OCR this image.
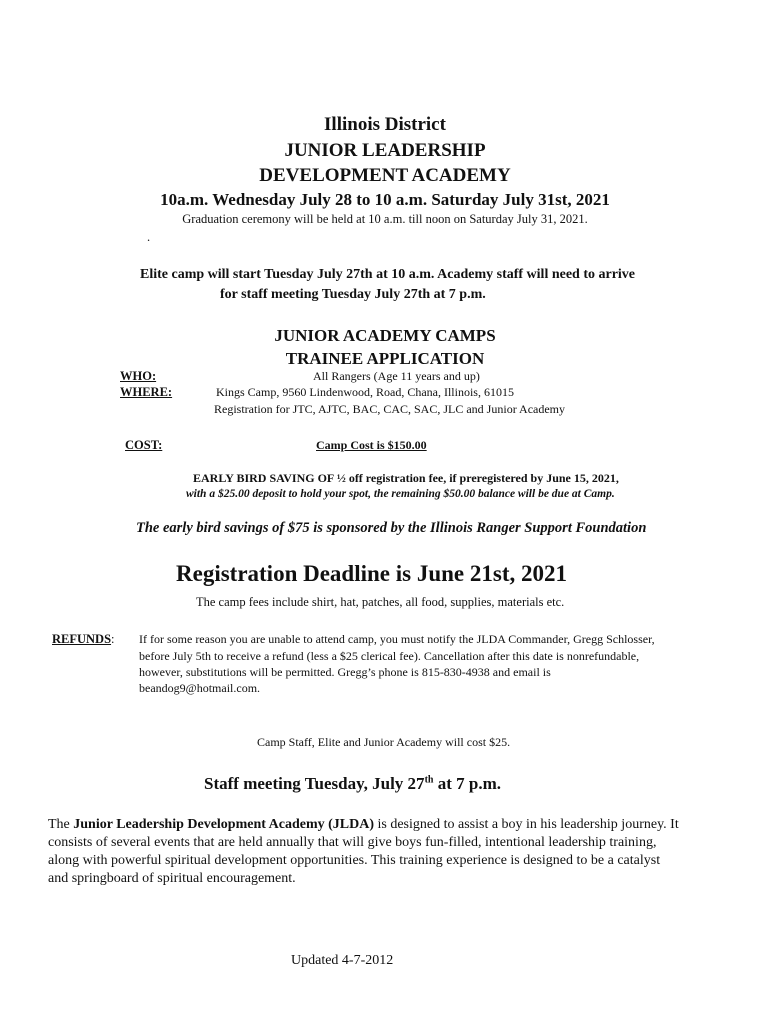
Illinois District
JUNIOR LEADERSHIP
DEVELOPMENT ACADEMY
10a.m. Wednesday July 28 to 10 a.m. Saturday July 31st, 2021
Graduation ceremony will be held at 10 a.m. till noon on Saturday July 31, 2021.
.
Elite camp will start Tuesday July 27th at 10 a.m. Academy staff will need to arrive
for staff meeting Tuesday July 27th at 7 p.m.
JUNIOR ACADEMY CAMPS
TRAINEE APPLICATION
WHO:	All Rangers (Age 11 years and up)
WHERE:	Kings Camp, 9560 Lindenwood, Road, Chana, Illinois, 61015
Registration for JTC, AJTC, BAC, CAC, SAC, JLC and Junior Academy
COST:	Camp Cost is $150.00
EARLY BIRD SAVING OF ½ off registration fee, if preregistered by June 15, 2021,
with a $25.00 deposit to hold your spot, the remaining $50.00 balance will be due at Camp.
The early bird savings of $75 is sponsored by the Illinois Ranger Support Foundation
Registration Deadline is June 21st, 2021
The camp fees include shirt, hat, patches, all food, supplies, materials etc.
REFUNDS: If for some reason you are unable to attend camp, you must notify the JLDA Commander, Gregg Schlosser,
before July 5th to receive a refund (less a $25 clerical fee). Cancellation after this date is nonrefundable,
however, substitutions will be permitted. Gregg’s phone is 815-830-4938 and email is
beandog9@hotmail.com.
Camp Staff, Elite and Junior Academy will cost $25.
Staff meeting Tuesday, July 27th at 7 p.m.
The Junior Leadership Development Academy (JLDA) is designed to assist a boy in his leadership journey. It
consists of several events that are held annually that will give boys fun-filled, intentional leadership training,
along with powerful spiritual development opportunities. This training experience is designed to be a catalyst
and springboard of spiritual encouragement.
Updated 4-7-2012
